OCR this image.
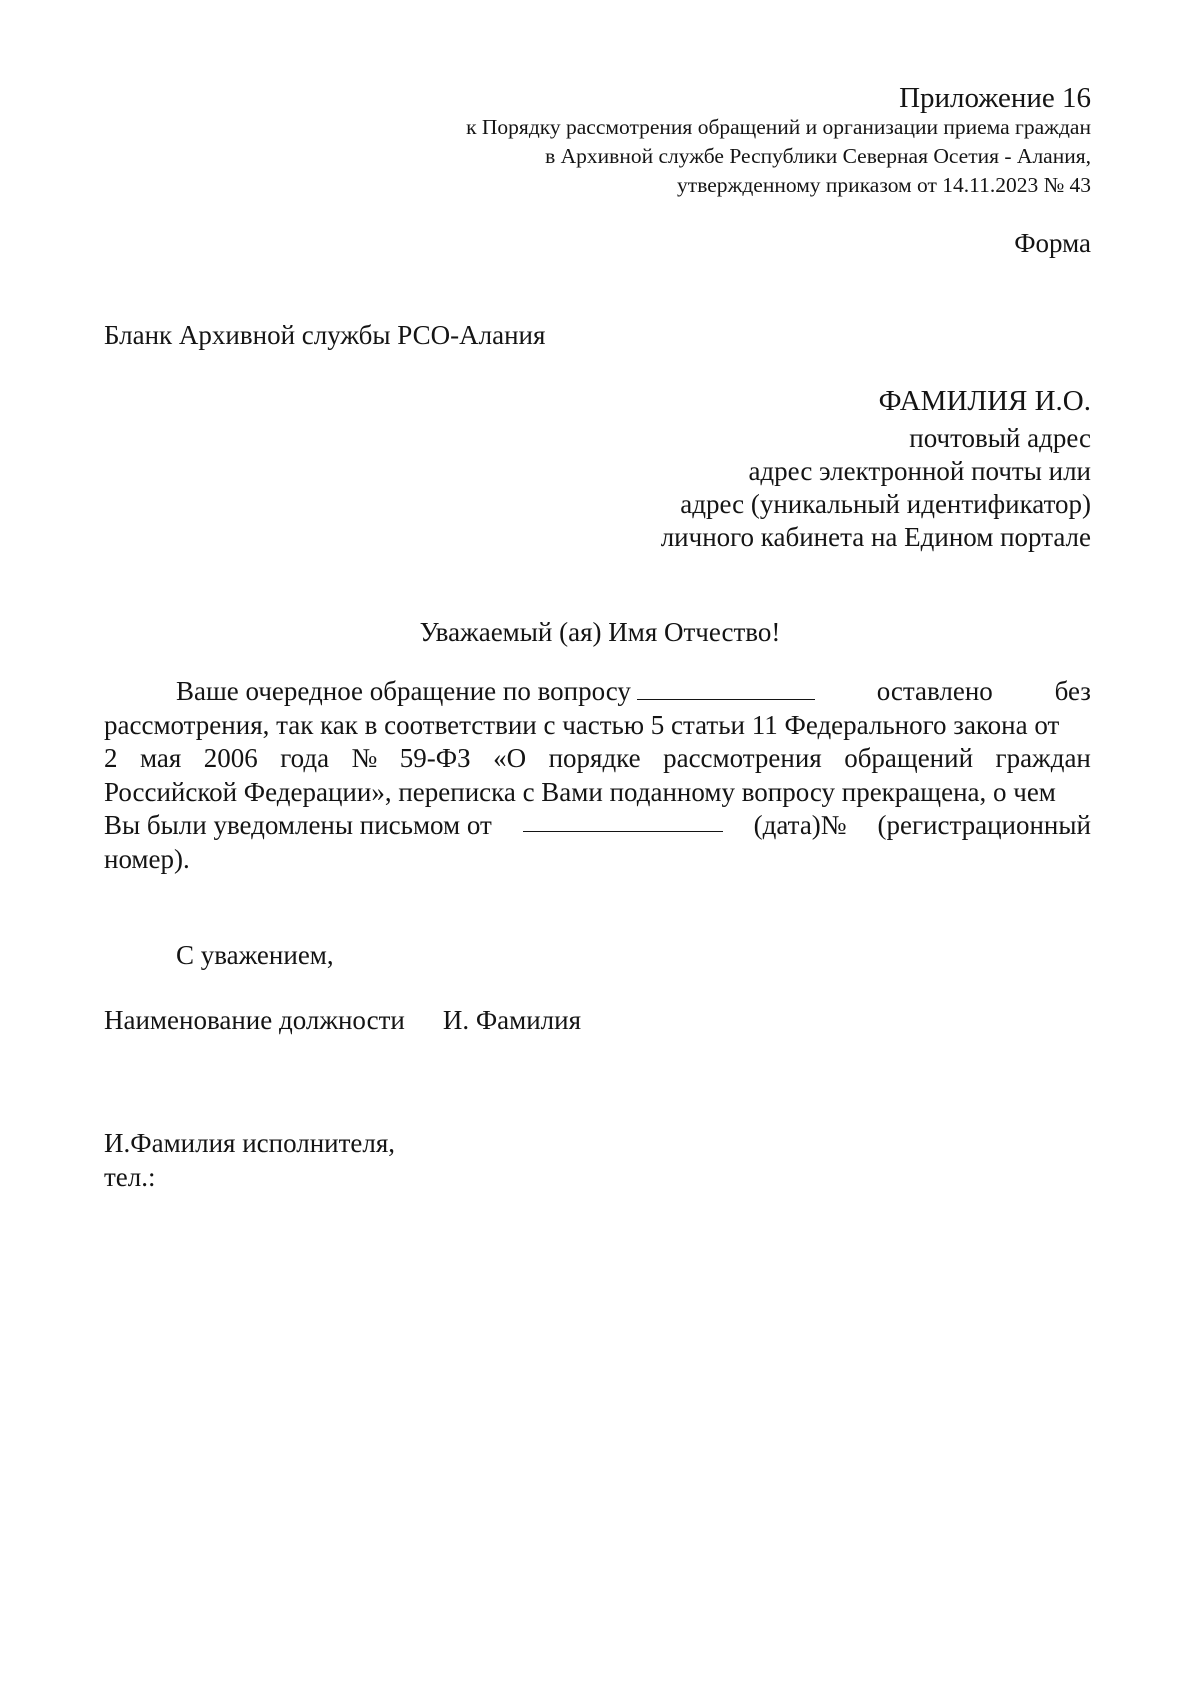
Приложение 16
к Порядку рассмотрения обращений и организации приема граждан
в Архивной службе Республики Северная Осетия - Алания,
утвержденному приказом от 14.11.2023 № 43
Форма
Бланк Архивной службы РСО-Алания
ФАМИЛИЯ И.О.
почтовый адрес
адрес электронной почты или
адрес (уникальный идентификатор)
личного кабинета на Едином портале
Уважаемый (ая) Имя Отчество!
Ваше очередное обращение по вопросу	оставлено без
рассмотрения, так как в соответствии с частью 5 статьи 11 Федерального закона от
2 мая 2006 года № 59-ФЗ «О порядке рассмотрения обращений граждан
Российской Федерации», переписка с Вами поданному вопросу прекращена, о чем
Вы были уведомлены письмом от	(дата)№ (регистрационный
номер).
С уважением,
Наименование должности И. Фамилия
И.Фамилия исполнителя,
тел.:
